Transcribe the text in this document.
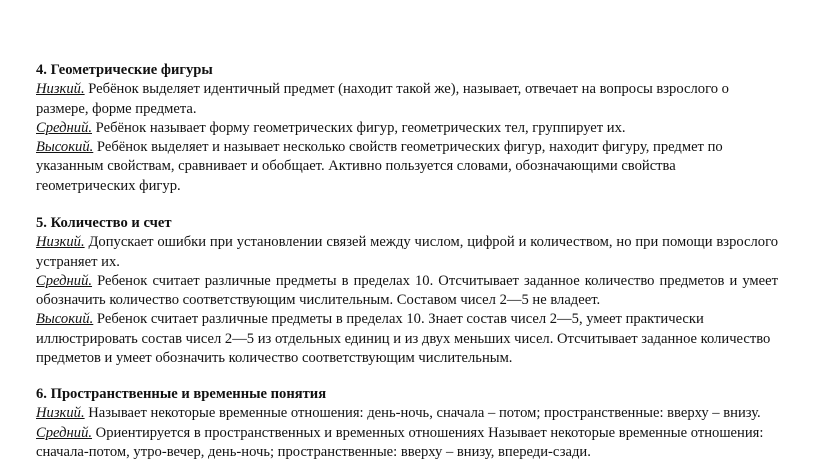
4. Геометрические фигуры

Низкий. Ребёнок выделяет идентичный предмет (находит такой же), называет, отвечает на вопросы взрослого о размере, форме предмета.

Средний. Ребёнок называет форму геометрических фигур, геометрических тел, группирует их.

Высокий. Ребёнок выделяет и называет несколько свойств геометрических фигур, находит фигуру, предмет по указанным свойствам, сравнивает и обобщает. Активно пользуется словами, обозначающими свойства геометрических фигур.

5. Количество и счет

Низкий. Допускает ошибки при установлении связей между числом, цифрой и количеством, но при помощи взрослого устраняет их.

Средний. Ребенок считает различные предметы в пределах 10. Отсчитывает заданное количество предметов и умеет обозначить количество соответствующим числительным. Составом чисел 2—5 не владеет.

Высокий. Ребенок считает различные предметы в пределах 10. Знает состав чисел 2—5, умеет практически иллюстрировать состав чисел 2—5 из отдельных единиц и из двух меньших чисел. Отсчитывает заданное количество предметов и умеет обозначить количество соответствующим числительным.

6. Пространственные и временные понятия

Низкий. Называет некоторые временные отношения: день-ночь, сначала – потом; пространственные: вверху – внизу.

Средний. Ориентируется в пространственных и временных отношениях Называет некоторые временные отношения: сначала-потом, утро-вечер, день-ночь; пространственные: вверху – внизу, впереди-сзади.
